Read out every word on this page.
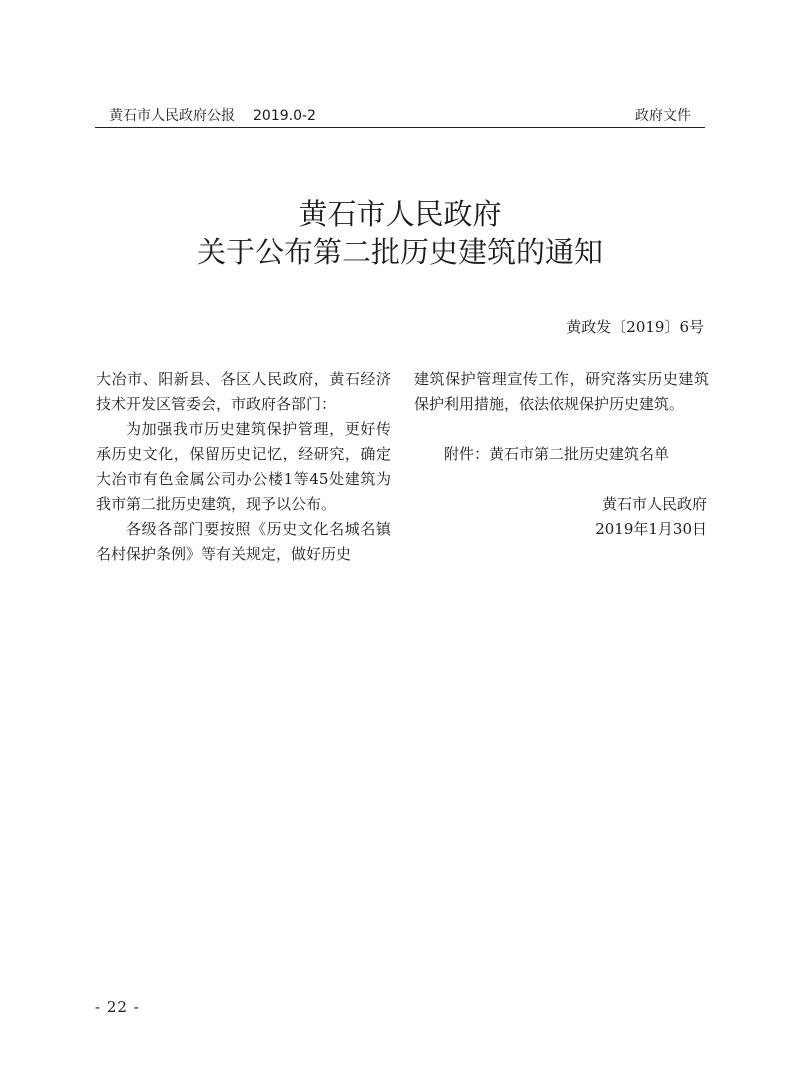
黄石市人民政府公报 2019.0-2	政府文件
黄石市人民政府
关于公布第二批历史建筑的通知
黄政发〔2019〕6号

大冶市、阳新县、各区人民政府，黄石经济技术开发区管委会，市政府各部门：

为加强我市历史建筑保护管理，更好传承历史文化，保留历史记忆，经研究，确定大冶市有色金属公司办公楼1等45处建筑为我市第二批历史建筑，现予以公布。

各级各部门要按照《历史文化名城名镇名村保护条例》等有关规定，做好历史

建筑保护管理宣传工作，研究落实历史建筑保护利用措施，依法依规保护历史建筑。

附件：黄石市第二批历史建筑名单

黄石市人民政府

2019年1月30日

- 22 -
